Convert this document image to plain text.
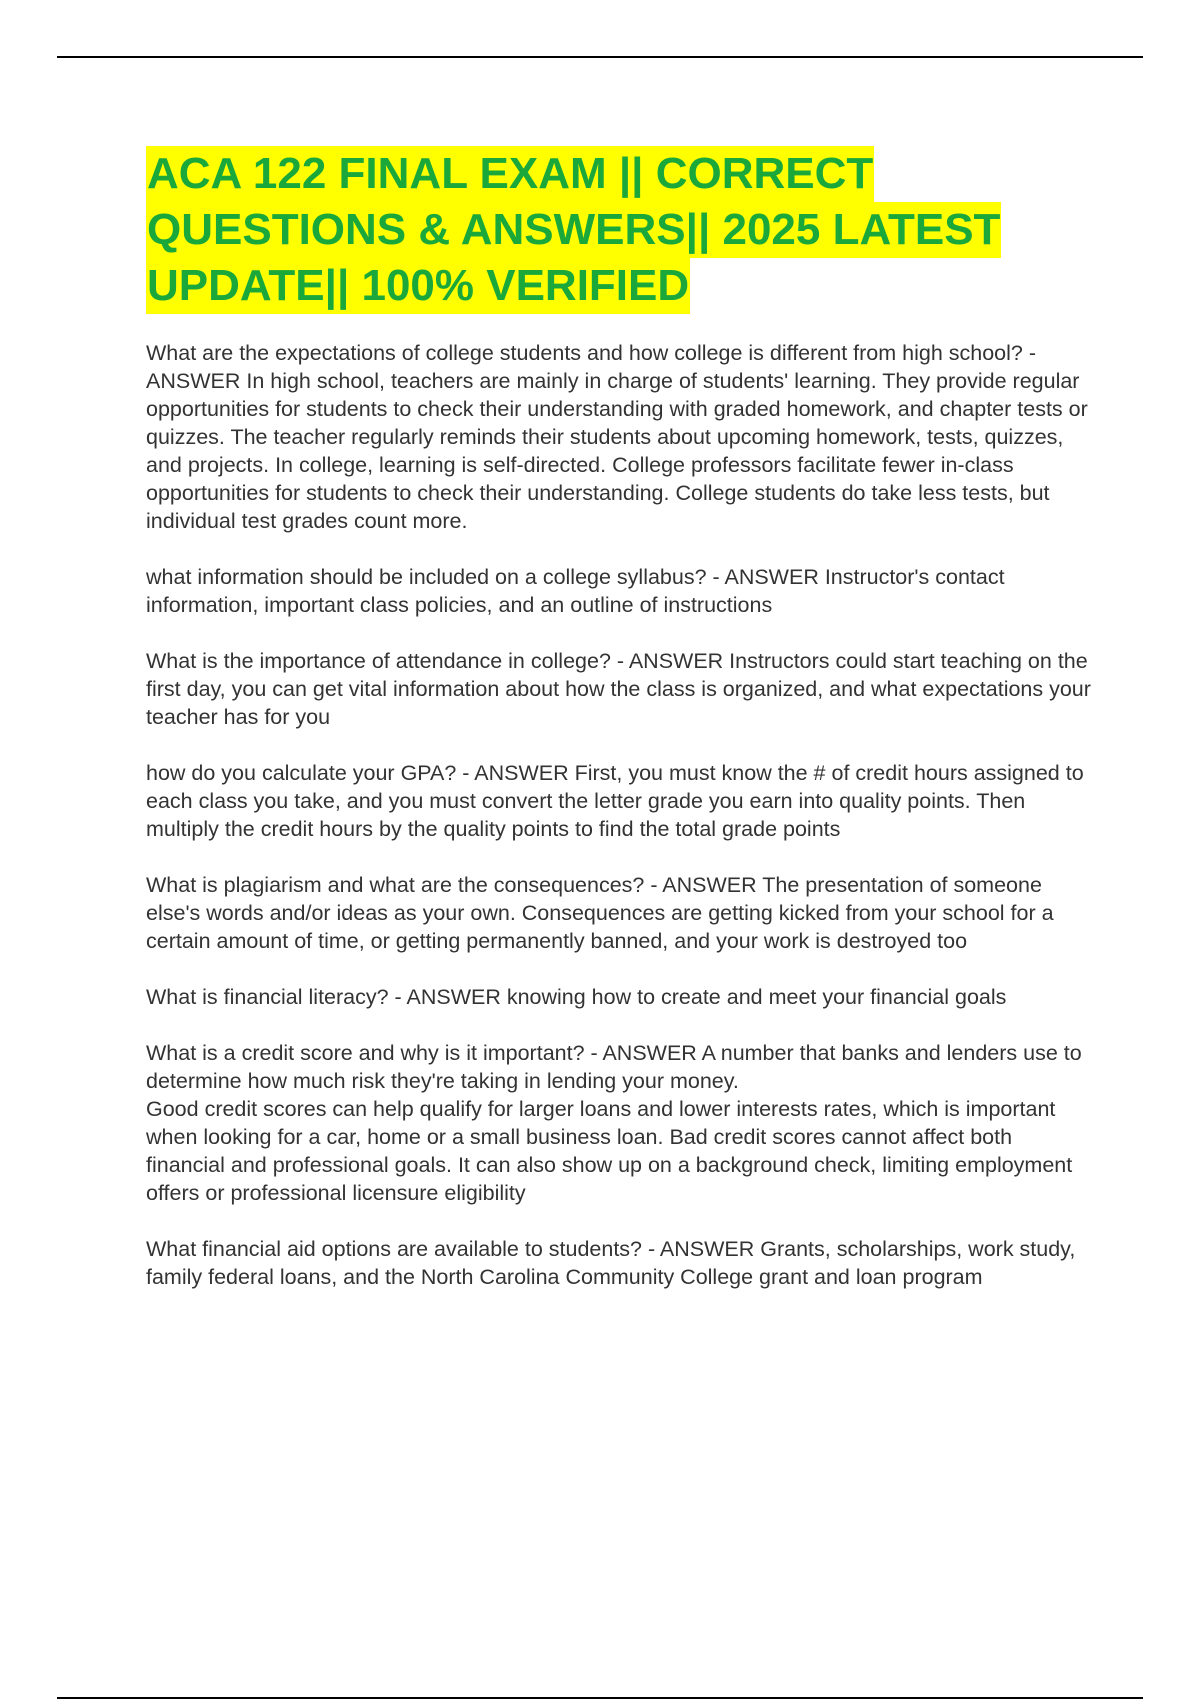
ACA 122 FINAL EXAM || CORRECT
QUESTIONS & ANSWERS|| 2025 LATEST
UPDATE|| 100% VERIFIED

What are the expectations of college students and how college is different from high school? - ANSWER In high school, teachers are mainly in charge of students' learning. They provide regular opportunities for students to check their understanding with graded homework, and chapter tests or quizzes. The teacher regularly reminds their students about upcoming homework, tests, quizzes, and projects. In college, learning is self-directed. College professors facilitate fewer in-class opportunities for students to check their understanding. College students do take less tests, but individual test grades count more.

what information should be included on a college syllabus? - ANSWER Instructor's contact information, important class policies, and an outline of instructions

What is the importance of attendance in college? - ANSWER Instructors could start teaching on the first day, you can get vital information about how the class is organized, and what expectations your teacher has for you

how do you calculate your GPA? - ANSWER First, you must know the # of credit hours assigned to each class you take, and you must convert the letter grade you earn into quality points. Then multiply the credit hours by the quality points to find the total grade points

What is plagiarism and what are the consequences? - ANSWER The presentation of someone else's words and/or ideas as your own. Consequences are getting kicked from your school for a certain amount of time, or getting permanently banned, and your work is destroyed too

What is financial literacy? - ANSWER knowing how to create and meet your financial goals

What is a credit score and why is it important? - ANSWER A number that banks and lenders use to determine how much risk they're taking in lending your money.
Good credit scores can help qualify for larger loans and lower interests rates, which is important when looking for a car, home or a small business loan. Bad credit scores cannot affect both financial and professional goals. It can also show up on a background check, limiting employment offers or professional licensure eligibility

What financial aid options are available to students? - ANSWER Grants, scholarships, work study, family federal loans, and the North Carolina Community College grant and loan program
